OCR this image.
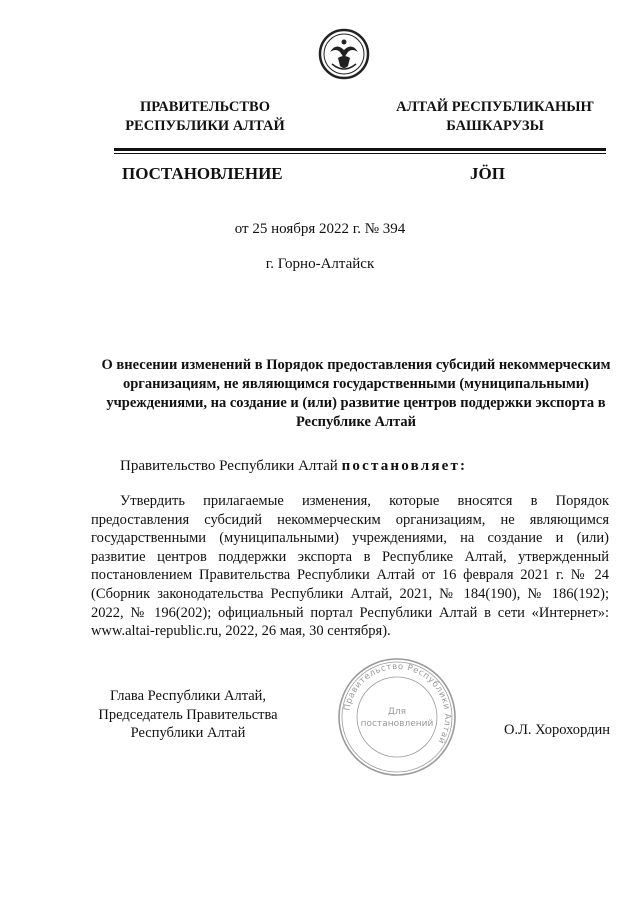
ПРАВИТЕЛЬСТВО
РЕСПУБЛИКИ АЛТАЙ
АЛТАЙ РЕСПУБЛИКАНЫҤ
БАШКАРУЗЫ
ПОСТАНОВЛЕНИЕ	JÖП
от 25 ноября 2022 г. № 394
г. Горно-Алтайск
О внесении изменений в Порядок предоставления субсидий некоммерческим организациям, не являющимся государственными (муниципальными) учреждениями, на создание и (или) развитие центров поддержки экспорта в Республике Алтай
Правительство Республики Алтай постановляет:
Утвердить прилагаемые изменения, которые вносятся в Порядок предоставления субсидий некоммерческим организациям, не являющимся государственными (муниципальными) учреждениями, на создание и (или) развитие центров поддержки экспорта в Республике Алтай, утвержденный постановлением Правительства Республики Алтай от 16 февраля 2021 г. № 24 (Сборник законодательства Республики Алтай, 2021, № 184(190), № 186(192); 2022, № 196(202); официальный портал Республики Алтай в сети «Интернет»: www.altai-republic.ru, 2022, 26 мая, 30 сентября).
Глава Республики Алтай,
Председатель Правительства
Республики Алтай	О.Л. Хорохордин
Правительство Республики Алтай
Для
постановлений
